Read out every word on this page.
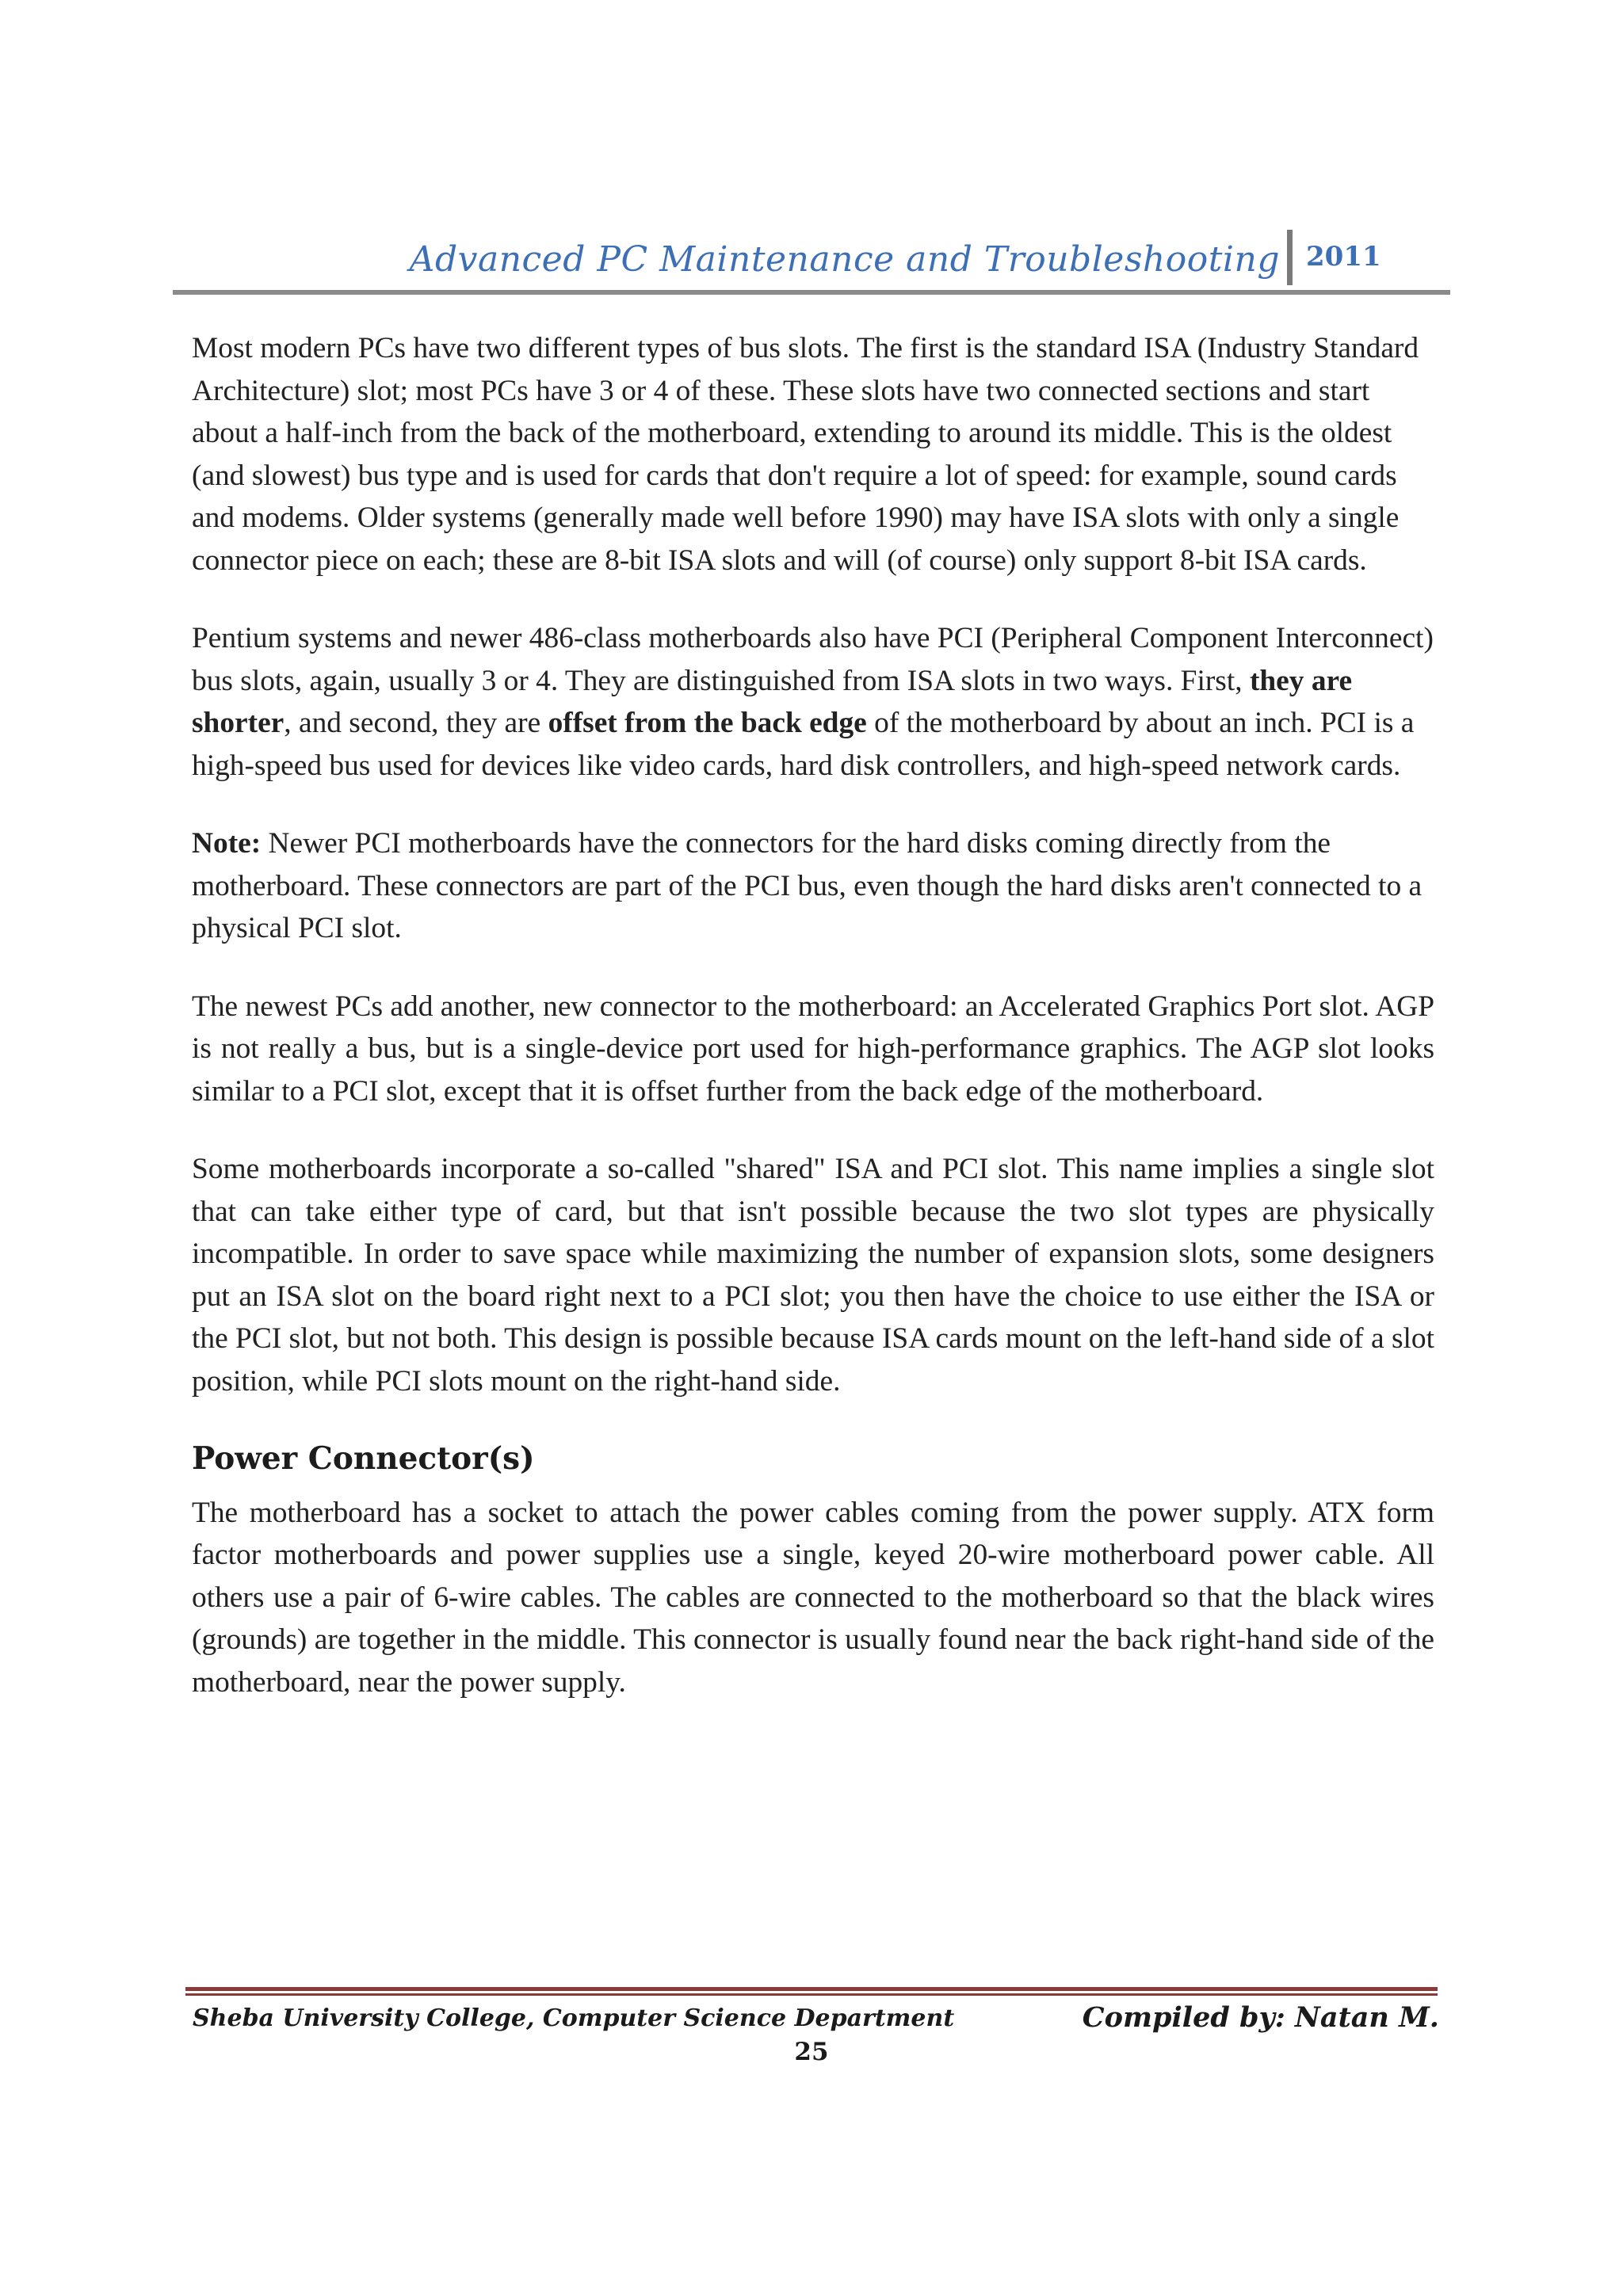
Advanced PC Maintenance and Troubleshooting 2011

Most modern PCs have two different types of bus slots. The first is the standard ISA (Industry Standard Architecture) slot; most PCs have 3 or 4 of these. These slots have two connected sections and start about a half-inch from the back of the motherboard, extending to around its middle. This is the oldest (and slowest) bus type and is used for cards that don't require a lot of speed: for example, sound cards and modems. Older systems (generally made well before 1990) may have ISA slots with only a single connector piece on each; these are 8-bit ISA slots and will (of course) only support 8-bit ISA cards.

Pentium systems and newer 486-class motherboards also have PCI (Peripheral Component Interconnect) bus slots, again, usually 3 or 4. They are distinguished from ISA slots in two ways. First, they are shorter, and second, they are offset from the back edge of the motherboard by about an inch. PCI is a high-speed bus used for devices like video cards, hard disk controllers, and high-speed network cards.

Note: Newer PCI motherboards have the connectors for the hard disks coming directly from the motherboard. These connectors are part of the PCI bus, even though the hard disks aren't connected to a physical PCI slot.

The newest PCs add another, new connector to the motherboard: an Accelerated Graphics Port slot. AGP is not really a bus, but is a single-device port used for high-performance graphics. The AGP slot looks similar to a PCI slot, except that it is offset further from the back edge of the motherboard.

Some motherboards incorporate a so-called "shared" ISA and PCI slot. This name implies a single slot that can take either type of card, but that isn't possible because the two slot types are physically incompatible. In order to save space while maximizing the number of expansion slots, some designers put an ISA slot on the board right next to a PCI slot; you then have the choice to use either the ISA or the PCI slot, but not both. This design is possible because ISA cards mount on the left-hand side of a slot position, while PCI slots mount on the right-hand side.

Power Connector(s)

The motherboard has a socket to attach the power cables coming from the power supply. ATX form factor motherboards and power supplies use a single, keyed 20-wire motherboard power cable. All others use a pair of 6-wire cables. The cables are connected to the motherboard so that the black wires (grounds) are together in the middle. This connector is usually found near the back right-hand side of the motherboard, near the power supply.

Sheba University College, Computer Science Department	Compiled by: Natan M.
25
